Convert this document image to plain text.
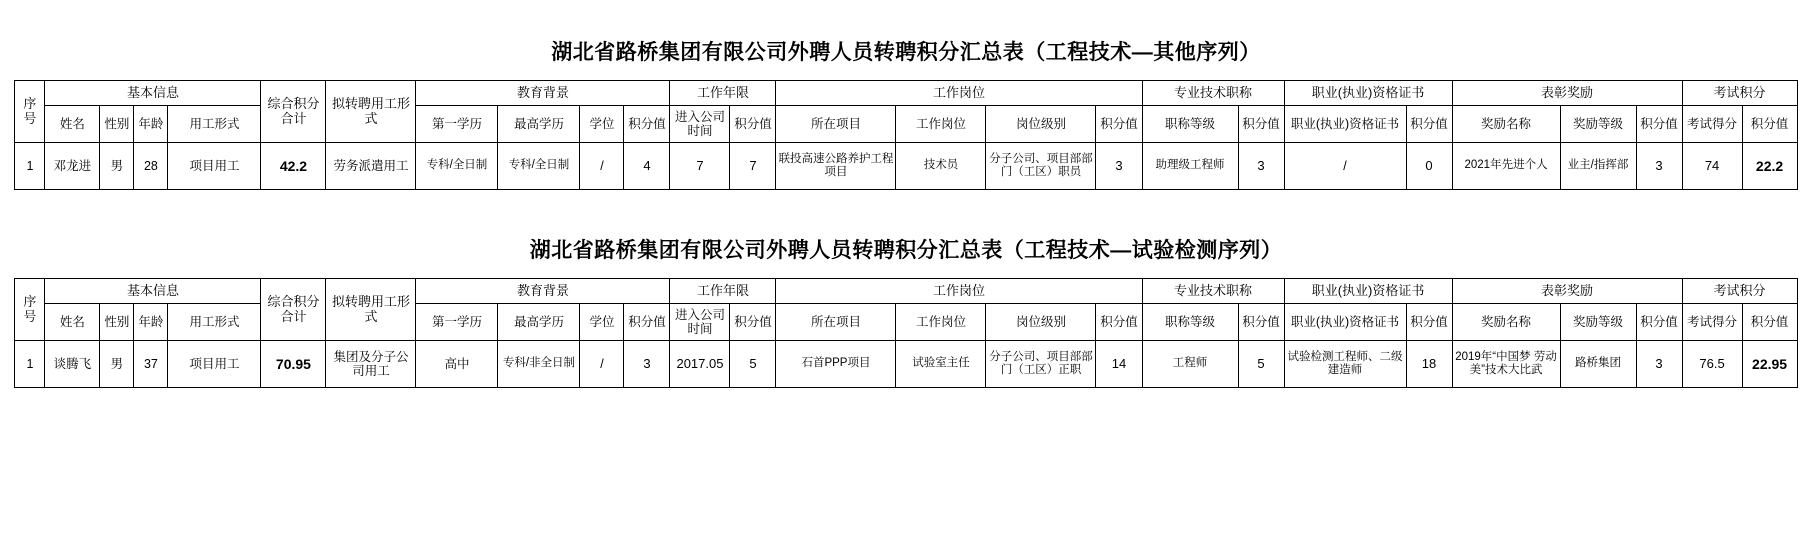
湖北省路桥集团有限公司外聘人员转聘积分汇总表（工程技术—其他序列）
序号	基本信息				综合积分合计	拟转聘用工形式	教育背景				工作年限		工作岗位				专业技术职称		职业(执业)资格证书		表彰奖励			考试积分	
	姓名	性别	年龄	用工形式			第一学历	最高学历	学位	积分值	进入公司时间	积分值	所在项目	工作岗位	岗位级别	积分值	职称等级	积分值	职业(执业)资格证书	积分值	奖励名称	奖励等级	积分值	考试得分	积分值
1	邓龙进	男	28	项目用工	42.2	劳务派遣用工	专科/全日制	专科/全日制	/	4	7	7	联投高速公路养护工程项目	技术员	分子公司、项目部部门（工区）职员	3	助理级工程师	3	/	0	2021年先进个人	业主/指挥部	3	74	22.2
湖北省路桥集团有限公司外聘人员转聘积分汇总表（工程技术—试验检测序列）
序号	基本信息				综合积分合计	拟转聘用工形式	教育背景				工作年限		工作岗位				专业技术职称		职业(执业)资格证书		表彰奖励			考试积分	
	姓名	性别	年龄	用工形式			第一学历	最高学历	学位	积分值	进入公司时间	积分值	所在项目	工作岗位	岗位级别	积分值	职称等级	积分值	职业(执业)资格证书	积分值	奖励名称	奖励等级	积分值	考试得分	积分值
1	谈腾飞	男	37	项目用工	70.95	集团及分子公司用工	高中	专科/非全日制	/	3	2017.05	5	石首PPP项目	试验室主任	分子公司、项目部部门（工区）正职	14	工程师	5	试验检测工程师、二级建造师	18	2019年“中国梦 劳动美”技术大比武	路桥集团	3	76.5	22.95
